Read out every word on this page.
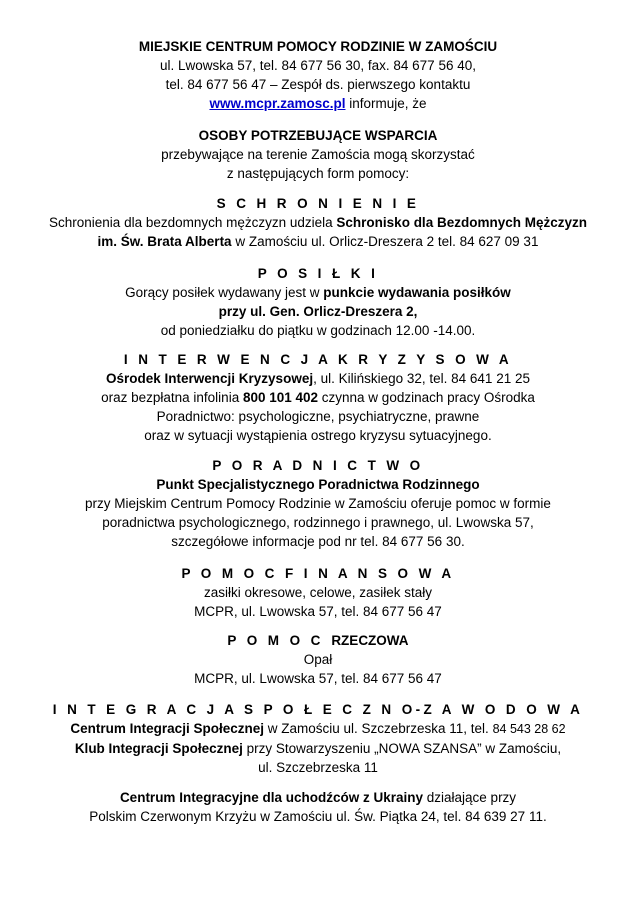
MIEJSKIE CENTRUM POMOCY RODZINIE W ZAMOŚCIU
ul. Lwowska 57, tel. 84 677 56 30, fax. 84 677 56 40,
tel. 84 677 56 47 – Zespół ds. pierwszego kontaktu
www.mcpr.zamosc.pl informuje, że
OSOBY POTRZEBUJĄCE WSPARCIA
przebywające na terenie Zamościa mogą skorzystać
z następujących form pomocy:
S C H R O N I E N I E
Schronienia dla bezdomnych mężczyzn udziela Schronisko dla Bezdomnych Mężczyzn
im. Św. Brata Alberta w Zamościu ul. Orlicz-Dreszera 2 tel. 84 627 09 31
P O S I Ł K I
Gorący posiłek wydawany jest w punkcie wydawania posiłków
przy ul. Gen. Orlicz-Dreszera 2,
od poniedziałku do piątku w godzinach 12.00 -14.00.
I N T E R W E N C J A K R Y Z Y S O W A
Ośrodek Interwencji Kryzysowej, ul. Kilińskiego 32, tel. 84 641 21 25
oraz bezpłatna infolinia 800 101 402 czynna w godzinach pracy Ośrodka
Poradnictwo: psychologiczne, psychiatryczne, prawne
oraz w sytuacji wystąpienia ostrego kryzysu sytuacyjnego.
P O R A D N I C T W O
Punkt Specjalistycznego Poradnictwa Rodzinnego
przy Miejskim Centrum Pomocy Rodzinie w Zamościu oferuje pomoc w formie
poradnictwa psychologicznego, rodzinnego i prawnego, ul. Lwowska 57,
szczegółowe informacje pod nr tel. 84 677 56 30.
P O M O C F I N A N S O W A
zasiłki okresowe, celowe, zasiłek stały
MCPR, ul. Lwowska 57, tel. 84 677 56 47
P O M O C RZECZOWA
Opał
MCPR, ul. Lwowska 57, tel. 84 677 56 47
I N T E G R A C J A S P O Ł E C Z N O-Z A W O D O W A
Centrum Integracji Społecznej w Zamościu ul. Szczebrzeska 11, tel. 84 543 28 62
Klub Integracji Społecznej przy Stowarzyszeniu „NOWA SZANSA” w Zamościu,
ul. Szczebrzeska 11
Centrum Integracyjne dla uchodźców z Ukrainy działające przy
Polskim Czerwonym Krzyżu w Zamościu ul. Św. Piątka 24, tel. 84 639 27 11.
